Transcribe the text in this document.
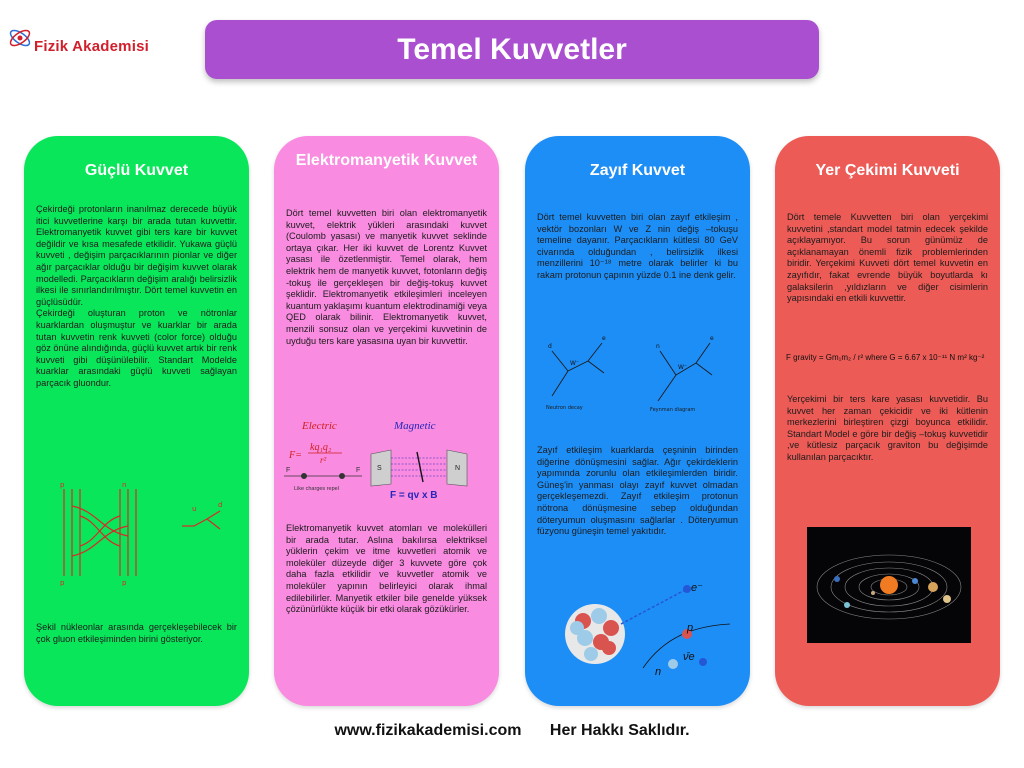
Fizik Akademisi	Temel Kuvvetler
Güçlü Kuvvet

Çekirdeği protonların inanılmaz derecede büyük itici kuvvetlerine karşı bir arada tutan kuvvettir. Elektromanyetik kuvvet gibi ters kare bir kuvvet değildir ve kısa mesafede etkilidir. Yukawa güçlü kuvveti , değişim parçacıklarının pionlar ve diğer ağır parçacıklar olduğu bir değişim kuvvet olarak modelledi. Parçacıkların değişim aralığı belirsizlik ilkesi ile sınırlandırılmıştır. Dört temel kuvvetin en güçlüsüdür.

Çekirdeği oluşturan proton ve nötronlar kuarklardan oluşmuştur ve kuarklar bir arada tutan kuvvetin renk kuvveti (color force) olduğu göz önüne alındığında, güçlü kuvvet artık bir renk kuvveti gibi düşünülebilir. Standart Modelde kuarklar arasındaki güçlü kuvveti sağlayan parçacık gluondur.

p	n
p	p
u	d
Şekil nükleonlar arasında gerçekleşebilecek bir çok gluon etkileşiminden birini gösteriyor.
Elektromanyetik Kuvvet
Dört temel kuvvetten biri olan elektromanyetik kuvvet, elektrik yükleri arasındaki kuvvet (Coulomb yasası) ve manyetik kuvvet seklinde ortaya çıkar. Her iki kuvvet de Lorentz Kuvvet yasası ile özetlenmiştir. Temel olarak, hem elektrik hem de manyetik kuvvet, fotonların değiş -tokuş ile gerçekleşen bir değiş-tokuş kuvvet şeklidir. Elektromanyetik etkileşimleri inceleyen kuantum yaklaşımı kuantum elektrodinamiği veya QED olarak bilinir. Elektromanyetik kuvvet, menzili sonsuz olan ve yerçekimi kuvvetinin de uyduğu ters kare yasasına uyan bir kuvvettir.
Electric	Magnetic
kq₁q₂
F= r²
F	F
Like charges repel
S	N
F = qv x B
Elektromanyetik kuvvet atomları ve molekülleri bir arada tutar. Aslına bakılırsa elektriksel yüklerin çekim ve itme kuvvetleri atomik ve moleküler düzeyde diğer 3 kuvvete göre çok daha fazla etkilidir ve kuvvetler atomik ve moleküler yapının belirleyici olarak ihmal edilebilirler. Manyetik etkiler bile genelde yüksek çözünürlükte küçük bir etki olarak gözükürler.
Zayıf Kuvvet
Dört temel kuvvetten biri olan zayıf etkileşim , vektör bozonları W ve Z nin değiş –tokuşu temeline dayanır. Parçacıkların kütlesi 80 GeV civarında olduğundan , belirsizlik ilkesi menzillerini 10⁻¹⁸ metre olarak belirler ki bu rakam protonun çapının yüzde 0.1 ine denk gelir.
d
W⁻
e
n
W⁻
e
Neutron decay	Feynman diagram
Zayıf etkileşim kuarklarda çeşninin birinden diğerine dönüşmesini sağlar. Ağır çekirdeklerin yapımında zorunlu olan etkileşimlerden biridir. Güneş'in yanması olayı zayıf kuvvet olmadan gerçekleşemezdi. Zayıf etkileşim protonun nötrona dönüşmesine sebep olduğundan döteryumun oluşmasını sağlarlar . Döteryumun füzyonu güneşin temel yakıtıdır.
e⁻
p
n
ν̄e
Yer Çekimi Kuvveti
Dört temele Kuvvetten biri olan yerçekimi kuvvetini ,standart model tatmin edecek şekilde açıklayamıyor. Bu sorun günümüz de açıklanamayan önemli fizik problemlerinden biridir. Yerçekimi Kuvveti dört temel kuvvetin en zayıfıdır, fakat evrende büyük boyutlarda kı galaksilerin ,yıldızların ve diğer cisimlerin yapısındaki en etkili kuvvettir.
Yerçekimi bir ters kare yasası kuvvetidir. Bu kuvvet her zaman çekicidir ve iki kütlenin merkezlerini birleştiren çizgi boyunca etkilidir. Standart Model e göre bir değiş –tokuş kuvvetidir ,ve kütlesiz parçacık graviton bu değişimde kullanılan parçacıktır.
F gravity = Gm₁m₂ / r² where G = 6.67 x 10⁻¹¹ N m² kg⁻²
www.fizikakademisi.com Her Hakkı Saklıdır.
